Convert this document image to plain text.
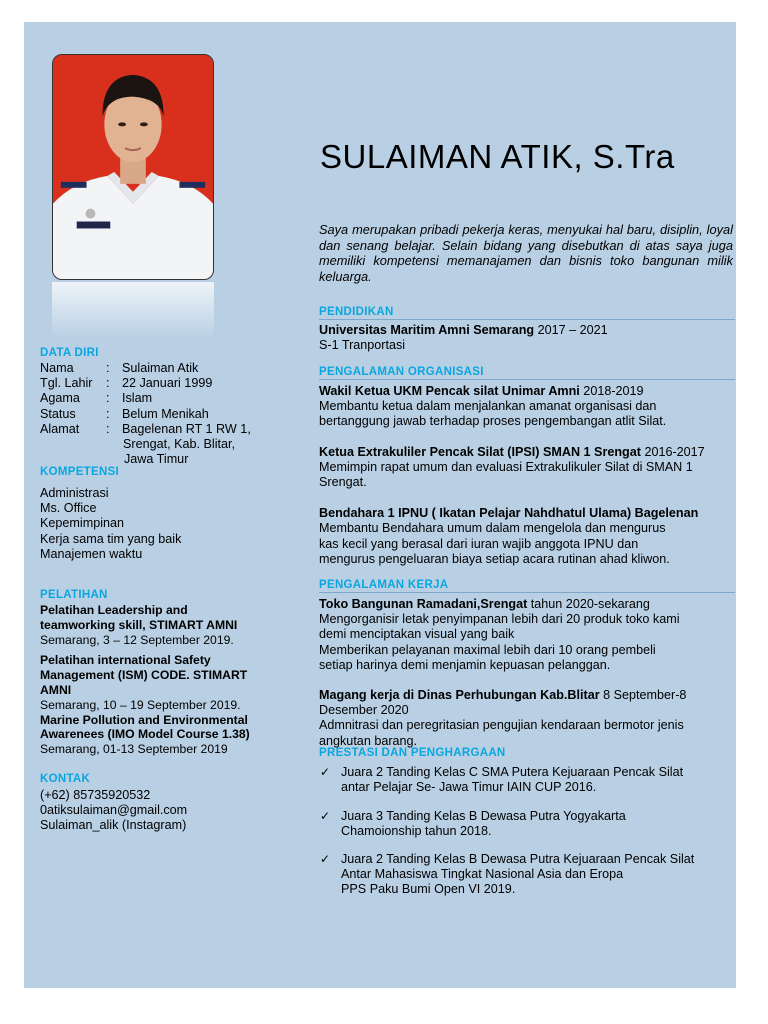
SULAIMAN ATIK, S.Tra
Saya merupakan pribadi pekerja keras, menyukai hal baru, disiplin, loyal dan senang belajar. Selain bidang yang disebutkan di atas saya juga memiliki kompetensi memanajamen dan bisnis toko bangunan milik keluarga.
DATA DIRI
Nama	: Sulaiman Atik
Tgl. Lahir	: 22 Januari 1999
Agama	: Islam
Status	: Belum Menikah
Alamat	: Bagelenan RT 1 RW 1,
Srengat, Kab. Blitar,
Jawa Timur
KOMPETENSI
Administrasi
Ms. Office
Kepemimpinan
Kerja sama tim yang baik
Manajemen waktu
PELATIHAN
Pelatihan Leadership and
teamworking skill, STIMART AMNI
Semarang, 3 – 12 September 2019.
Pelatihan international Safety
Management (ISM) CODE. STIMART
AMNI
Semarang, 10 – 19 September 2019.
Marine Pollution and Environmental
Awarenees (IMO Model Course 1.38)
Semarang, 01-13 September 2019
KONTAK
(+62) 85735920532
0atiksulaiman@gmail.com
Sulaiman_alik (Instagram)
PENDIDIKAN
Universitas Maritim Amni Semarang 2017 – 2021
S-1 Tranportasi
PENGALAMAN ORGANISASI
Wakil Ketua UKM Pencak silat Unimar Amni 2018-2019
Membantu ketua dalam menjalankan amanat organisasi dan
bertanggung jawab terhadap proses pengembangan atlit Silat.
Ketua Extrakuliler Pencak Silat (IPSI) SMAN 1 Srengat 2016-2017
Memimpin rapat umum dan evaluasi Extrakulikuler Silat di SMAN 1
Srengat.
Bendahara 1 IPNU ( Ikatan Pelajar Nahdhatul Ulama) Bagelenan
Membantu Bendahara umum dalam mengelola dan mengurus
kas kecil yang berasal dari iuran wajib anggota IPNU dan
mengurus pengeluaran biaya setiap acara rutinan ahad kliwon.
PENGALAMAN KERJA
Toko Bangunan Ramadani,Srengat tahun 2020-sekarang
Mengorganisir letak penyimpanan lebih dari 20 produk toko kami
demi menciptakan visual yang baik
Memberikan pelayanan maximal lebih dari 10 orang pembeli
setiap harinya demi menjamin kepuasan pelanggan.
Magang kerja di Dinas Perhubungan Kab.Blitar 8 September-8
Desember 2020
Admnitrasi dan peregritasian pengujian kendaraan bermotor jenis
angkutan barang.
PRESTASI DAN PENGHARGAAN
✓ Juara 2 Tanding Kelas C SMA Putera Kejuaraan Pencak Silat
antar Pelajar Se- Jawa Timur IAIN CUP 2016.
✓ Juara 3 Tanding Kelas B Dewasa Putra Yogyakarta
Chamoionship tahun 2018.
✓ Juara 2 Tanding Kelas B Dewasa Putra Kejuaraan Pencak Silat
Antar Mahasiswa Tingkat Nasional Asia dan Eropa
PPS Paku Bumi Open VI 2019.
